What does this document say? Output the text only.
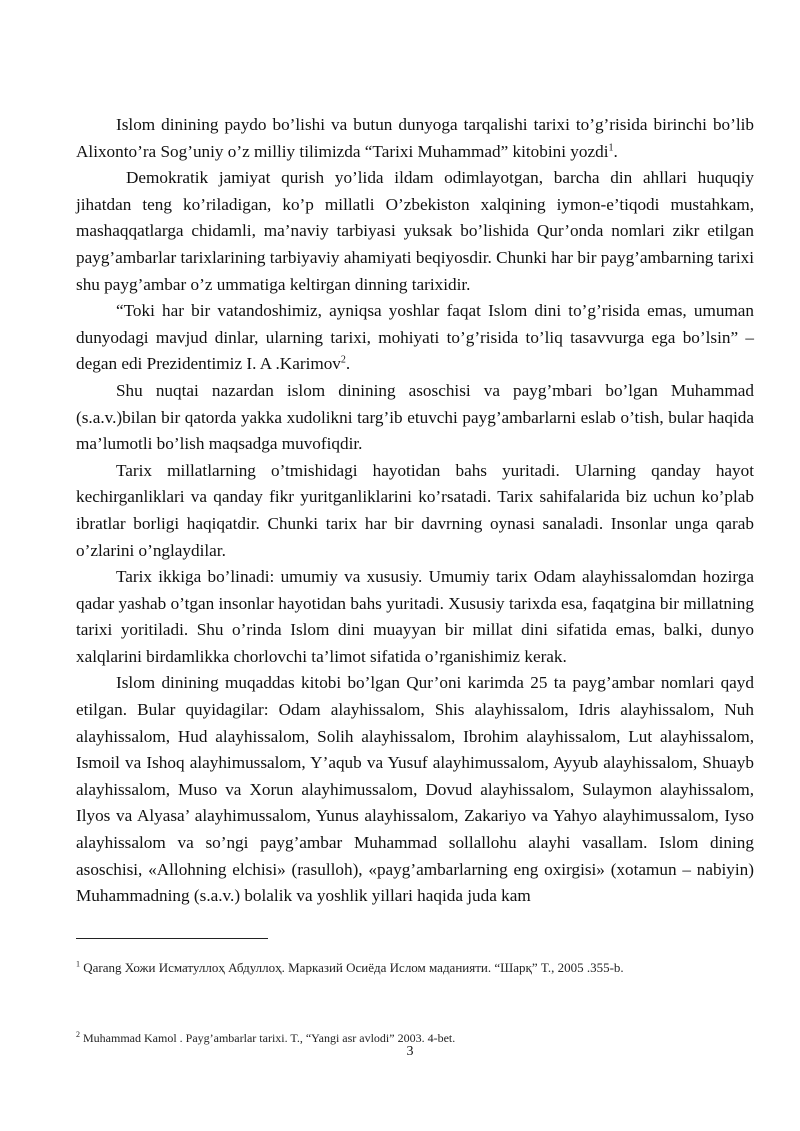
Islom dinining paydo bo’lishi va butun dunyoga tarqalishi tarixi to’g’risida birinchi bo’lib Alixonto’ra Sog’uniy o’z milliy tilimizda “Tarixi Muhammad” kitobini yozdi$^1$.

Demokratik jamiyat qurish yo’lida ildam odimlayotgan, barcha din ahllari huquqiy jihatdan teng ko’riladigan, ko’p millatli O’zbekiston xalqining iymon-e’tiqodi mustahkam, mashaqqatlarga chidamli, ma’naviy tarbiyasi yuksak bo’lishida Qur’onda nomlari zikr etilgan payg’ambarlar tarixlarining tarbiyaviy ahamiyati beqiyosdir. Chunki har bir payg’ambarning tarixi shu payg’ambar o’z ummatiga keltirgan dinning tarixidir.

“Toki har bir vatandoshimiz, ayniqsa yoshlar faqat Islom dini to’g’risida emas, umuman dunyodagi mavjud dinlar, ularning tarixi, mohiyati to’g’risida to’liq tasavvurga ega bo’lsin” – degan edi Prezidentimiz I. A .Karimov$^2$.

Shu nuqtai nazardan islom dinining asoschisi va payg’mbari bo’lgan Muhammad (s.a.v.)bilan bir qatorda yakka xudolikni targ’ib etuvchi payg’ambarlarni eslab o’tish, bular haqida ma’lumotli bo’lish maqsadga muvofiqdir.

Tarix millatlarning o’tmishidagi hayotidan bahs yuritadi. Ularning qanday hayot kechirganliklari va qanday fikr yuritganliklarini ko’rsatadi. Tarix sahifalarida biz uchun ko’plab ibratlar borligi haqiqatdir. Chunki tarix har bir davrning oynasi sanaladi. Insonlar unga qarab o’zlarini o’nglaydilar.

Tarix ikkiga bo’linadi: umumiy va xususiy. Umumiy tarix Odam alayhissalomdan hozirga qadar yashab o’tgan insonlar hayotidan bahs yuritadi. Xususiy tarixda esa, faqatgina bir millatning tarixi yoritiladi. Shu o’rinda Islom dini muayyan bir millat dini sifatida emas, balki, dunyo xalqlarini birdamlikka chorlovchi ta’limot sifatida o’rganishimiz kerak.

Islom dinining muqaddas kitobi bo’lgan Qur’oni karimda 25 ta payg’ambar nomlari qayd etilgan. Bular quyidagilar: Odam alayhissalom, Shis alayhissalom, Idris alayhissalom, Nuh alayhissalom, Hud alayhissalom, Solih alayhissalom, Ibrohim alayhissalom, Lut alayhissalom, Ismoil va Ishoq alayhimussalom, Y’aqub va Yusuf alayhimussalom, Ayyub alayhissalom, Shuayb alayhissalom, Muso va Xorun alayhimussalom, Dovud alayhissalom, Sulaymon alayhissalom, Ilyos va Alyasa’ alayhimussalom, Yunus alayhissalom, Zakariyo va Yahyo alayhimussalom, Iyso alayhissalom va so’ngi payg’ambar Muhammad sollallohu alayhi vasallam. Islom dining asoschisi, «Allohning elchisi» (rasulloh), «payg’ambarlarning eng oxirgisi» (xotamun – nabiyin) Muhammadning (s.a.v.) bolalik va yoshlik yillari haqida juda kam

$^1$ Qarang Хожи Исматуллоҳ Абдуллоҳ. Марказий Осиёда Ислом маданияти. “Шарқ” T., 2005 .355-b.
$^2$ Muhammad Kamol . Payg’ambarlar tarixi. T., “Yangi asr avlodi” 2003. 4-bet.
3
